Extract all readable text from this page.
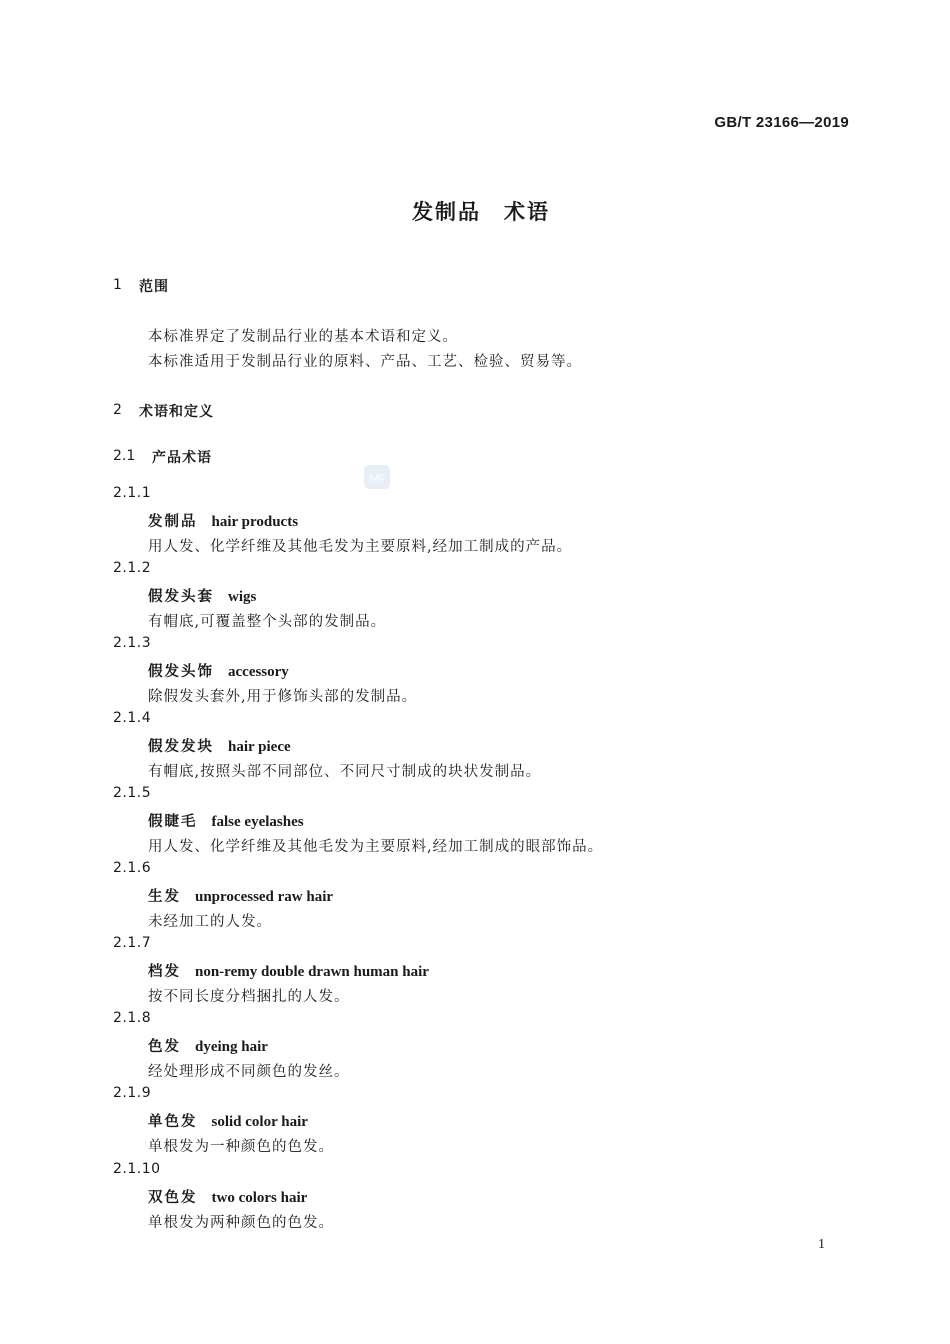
GB/T 23166—2019
发制品　术语
1 范围
本标准界定了发制品行业的基本术语和定义。
本标准适用于发制品行业的原料、产品、工艺、检验、贸易等。
2 术语和定义
2.1 产品术语
SAC
2.1.1
发制品 hair products
用人发、化学纤维及其他毛发为主要原料,经加工制成的产品。
2.1.2
假发头套 wigs
有帽底,可覆盖整个头部的发制品。
2.1.3
假发头饰 accessory
除假发头套外,用于修饰头部的发制品。
2.1.4
假发发块 hair piece
有帽底,按照头部不同部位、不同尺寸制成的块状发制品。
2.1.5
假睫毛 false eyelashes
用人发、化学纤维及其他毛发为主要原料,经加工制成的眼部饰品。
2.1.6
生发 unprocessed raw hair
未经加工的人发。
2.1.7
档发 non-remy double drawn human hair
按不同长度分档捆扎的人发。
2.1.8
色发 dyeing hair
经处理形成不同颜色的发丝。
2.1.9
单色发 solid color hair
单根发为一种颜色的色发。
2.1.10
双色发 two colors hair
单根发为两种颜色的色发。
1
